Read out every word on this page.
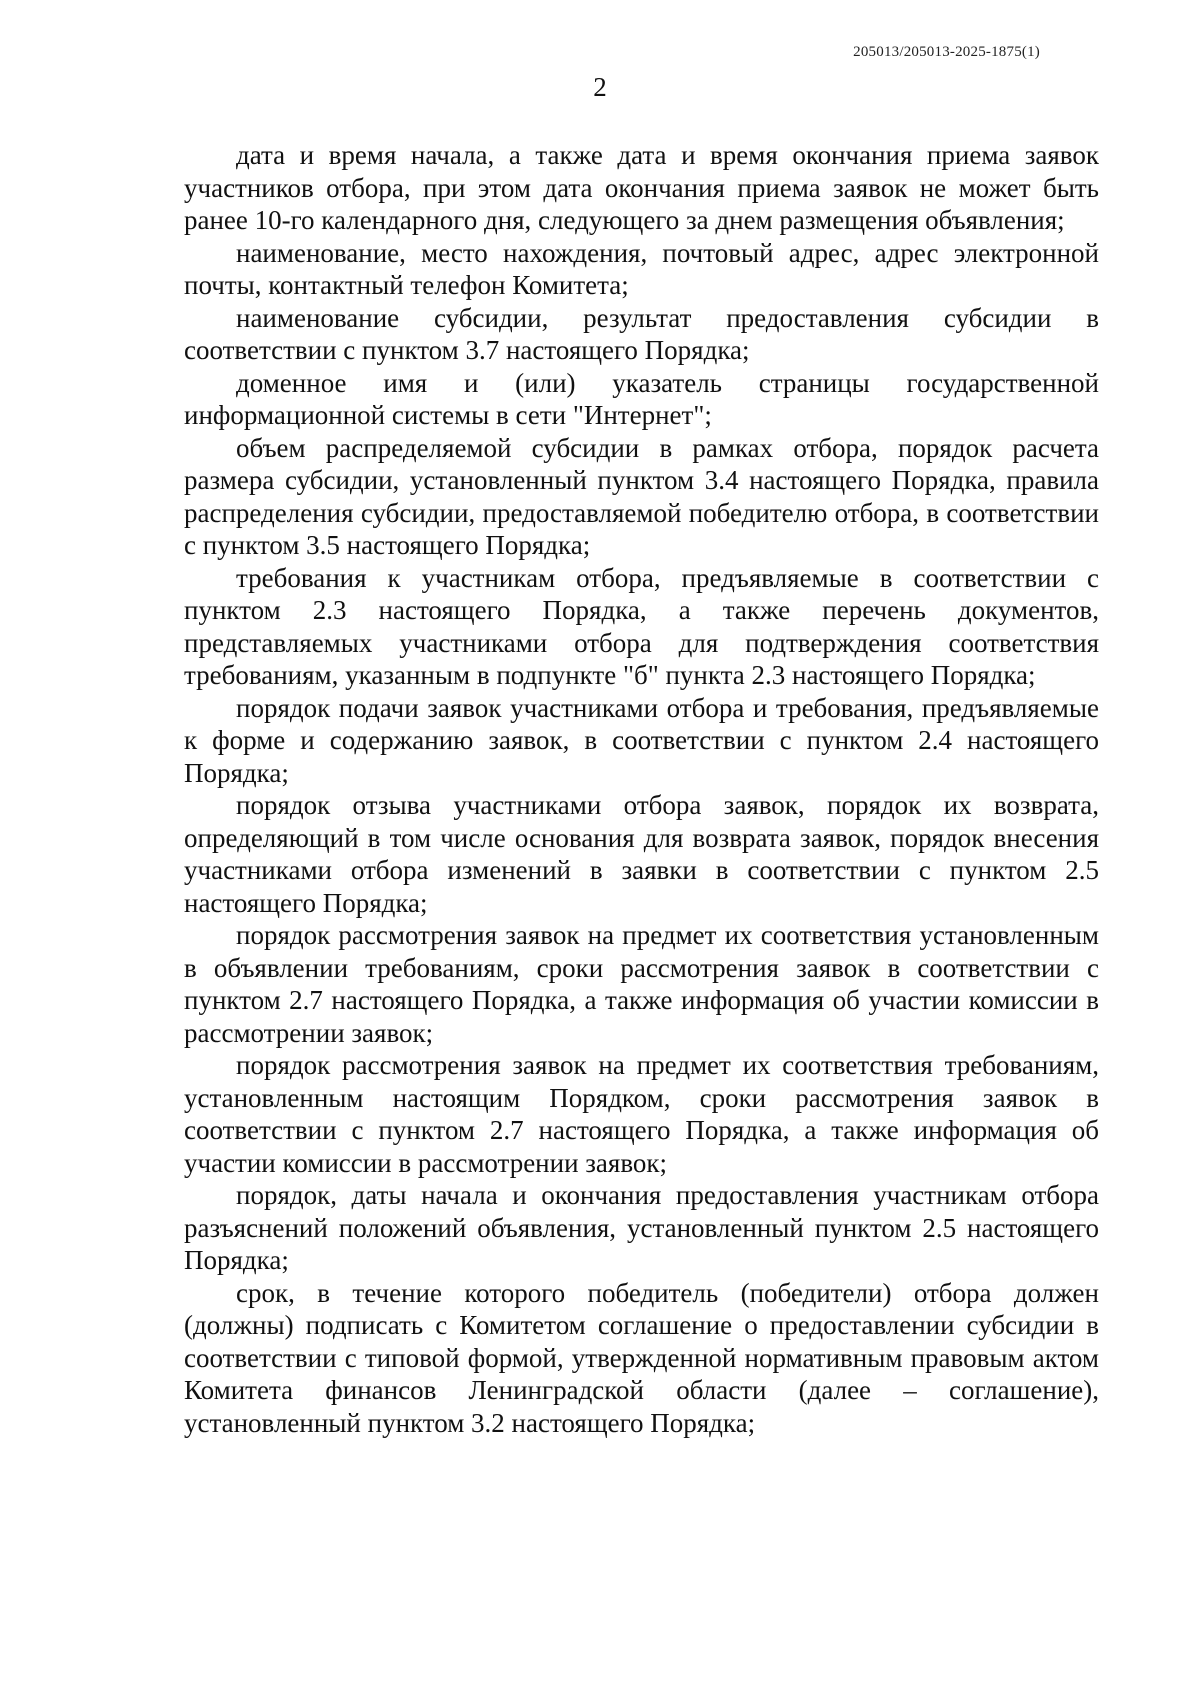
205013/205013-2025-1875(1)
2

дата и время начала, а также дата и время окончания приема заявок участников отбора, при этом дата окончания приема заявок не может быть ранее 10-го календарного дня, следующего за днем размещения объявления;

наименование, место нахождения, почтовый адрес, адрес электронной почты, контактный телефон Комитета;

наименование субсидии, результат предоставления субсидии в соответствии с пунктом 3.7 настоящего Порядка;

доменное имя и (или) указатель страницы государственной информационной системы в сети "Интернет";

объем распределяемой субсидии в рамках отбора, порядок расчета размера субсидии, установленный пунктом 3.4 настоящего Порядка, правила распределения субсидии, предоставляемой победителю отбора, в соответствии с пунктом 3.5 настоящего Порядка;

требования к участникам отбора, предъявляемые в соответствии с пунктом 2.3 настоящего Порядка, а также перечень документов, представляемых участниками отбора для подтверждения соответствия требованиям, указанным в подпункте "б" пункта 2.3 настоящего Порядка;

порядок подачи заявок участниками отбора и требования, предъявляемые к форме и содержанию заявок, в соответствии с пунктом 2.4 настоящего Порядка;

порядок отзыва участниками отбора заявок, порядок их возврата, определяющий в том числе основания для возврата заявок, порядок внесения участниками отбора изменений в заявки в соответствии с пунктом 2.5 настоящего Порядка;

порядок рассмотрения заявок на предмет их соответствия установленным в объявлении требованиям, сроки рассмотрения заявок в соответствии с пунктом 2.7 настоящего Порядка, а также информация об участии комиссии в рассмотрении заявок;

порядок рассмотрения заявок на предмет их соответствия требованиям, установленным настоящим Порядком, сроки рассмотрения заявок в соответствии с пунктом 2.7 настоящего Порядка, а также информация об участии комиссии в рассмотрении заявок;

порядок, даты начала и окончания предоставления участникам отбора разъяснений положений объявления, установленный пунктом 2.5 настоящего Порядка;

срок, в течение которого победитель (победители) отбора должен (должны) подписать с Комитетом соглашение о предоставлении субсидии в соответствии с типовой формой, утвержденной нормативным правовым актом Комитета финансов Ленинградской области (далее – соглашение), установленный пунктом 3.2 настоящего Порядка;
